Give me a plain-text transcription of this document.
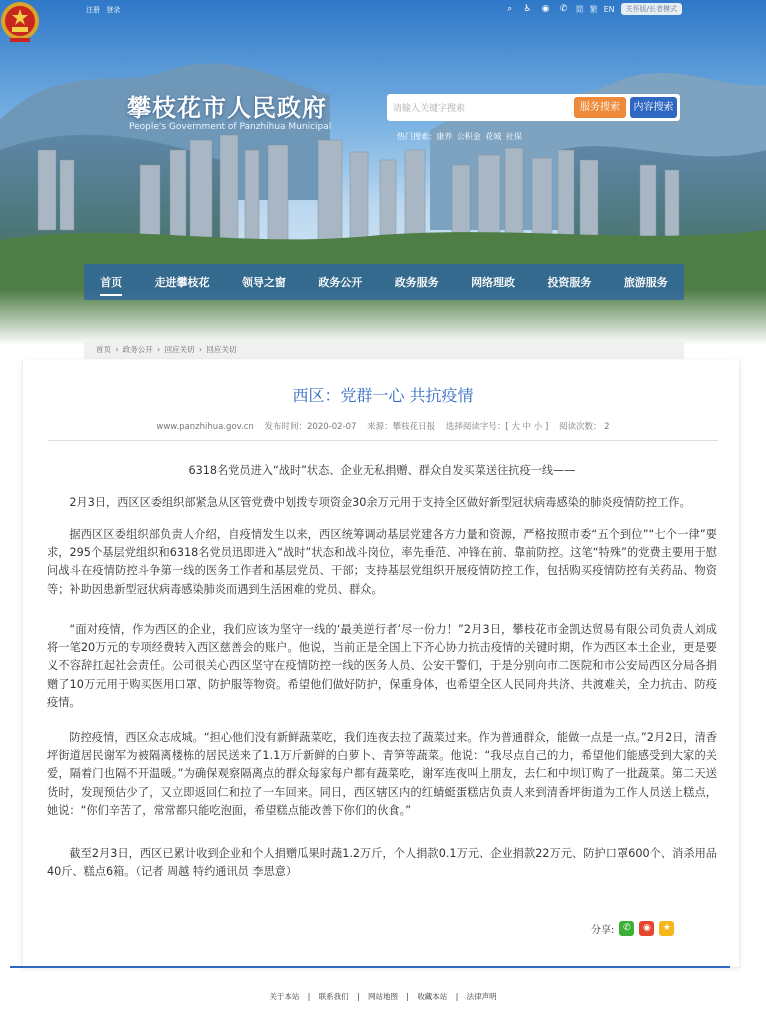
注册 登录	⌕	♿ ◉ ✆ 简 繁 EN	关怀版/长者模式
攀枝花市人民政府
People's Government of Panzhihua Municipal
请输入关键字搜索
服务搜索	内容搜索
热门搜索: 康养 公积金 花城 社保
首页	走进攀枝花	领导之窗	政务公开	政务服务	网络理政	投资服务	旅游服务
首页 › 政务公开 › 回应关切 › 回应关切
西区：党群一心 共抗疫情
www.panzhihua.gov.cn 发布时间：2020-02-07 来源：攀枝花日报 选择阅读字号：[ 大 中 小 ] 阅读次数： 2
6318名党员进入“战时”状态、企业无私捐赠、群众自发买菜送往抗疫一线——
2月3日，西区区委组织部紧急从区管党费中划拨专项资金30余万元用于支持全区做好新型冠状病毒感染的肺炎疫情防控工作。
据西区区委组织部负责人介绍，自疫情发生以来，西区统筹调动基层党建各方力量和资源，严格按照市委“五个到位”“七个一律”要求，295个基层党组织和6318名党员迅即进入“战时”状态和战斗岗位，率先垂范、冲锋在前、靠前防控。这笔“特殊”的党费主要用于慰问战斗在疫情防控斗争第一线的医务工作者和基层党员、干部；支持基层党组织开展疫情防控工作，包括购买疫情防控有关药品、物资等；补助因患新型冠状病毒感染肺炎而遇到生活困难的党员、群众。
“面对疫情，作为西区的企业，我们应该为坚守一线的‘最美逆行者’尽一份力！”2月3日，攀枝花市金凯达贸易有限公司负责人刘成将一笔20万元的专项经费转入西区慈善会的账户。他说，当前正是全国上下齐心协力抗击疫情的关键时期，作为西区本土企业，更是要义不容辞扛起社会责任。公司很关心西区坚守在疫情防控一线的医务人员、公安干警们，于是分别向市二医院和市公安局西区分局各捐赠了10万元用于购买医用口罩、防护服等物资。希望他们做好防护，保重身体，也希望全区人民同舟共济、共渡难关，全力抗击、防疫疫情。
防控疫情，西区众志成城。“担心他们没有新鲜蔬菜吃，我们连夜去拉了蔬菜过来。作为普通群众，能做一点是一点。”2月2日，清香坪街道居民谢军为被隔离楼栋的居民送来了1.1万斤新鲜的白萝卜、青笋等蔬菜。他说：“我尽点自己的力，希望他们能感受到大家的关爱，隔着门也隔不开温暖。”为确保观察隔离点的群众每家每户都有蔬菜吃，谢军连夜叫上朋友，去仁和中坝订购了一批蔬菜。第二天送货时，发现预估少了，又立即返回仁和拉了一车回来。同日，西区辖区内的红蜻蜓蛋糕店负责人来到清香坪街道为工作人员送上糕点，她说：“你们辛苦了，常常都只能吃泡面，希望糕点能改善下你们的伙食。”
截至2月3日，西区已累计收到企业和个人捐赠瓜果时蔬1.2万斤，个人捐款0.1万元、企业捐款22万元、防护口罩600个、消杀用品40斤、糕点6箱。（记者 周越 特约通讯员 李思意）
分享: ✆	◉	★
关于本站 | 联系我们 | 网站地图 | 收藏本站 | 法律声明
